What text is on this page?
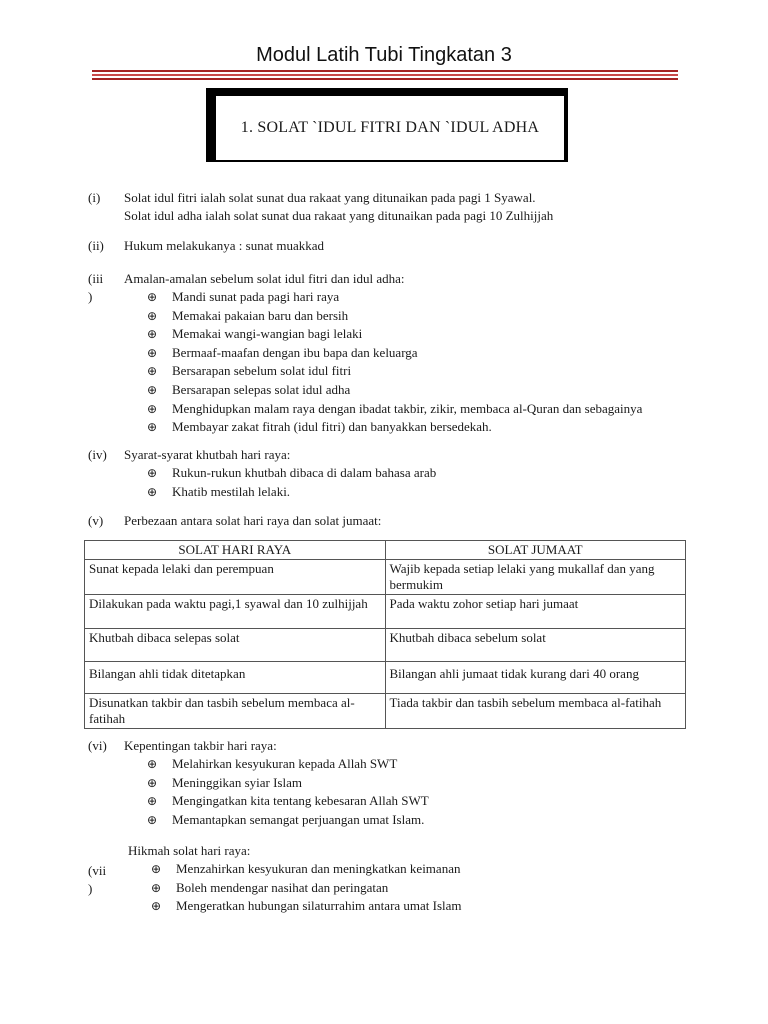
Modul Latih Tubi Tingkatan 3
1. SOLAT `IDUL FITRI DAN `IDUL ADHA
(i)	Solat idul fitri ialah solat sunat dua rakaat yang ditunaikan pada pagi 1 Syawal.
Solat idul adha ialah solat sunat dua rakaat yang ditunaikan pada pagi 10 Zulhijjah
(ii)	Hukum melakukanya : sunat muakkad
(iii
)
Amalan-amalan sebelum solat idul fitri dan idul adha:
⊕ Mandi sunat pada pagi hari raya
⊕ Memakai pakaian baru dan bersih
⊕ Memakai wangi-wangian bagi lelaki
⊕ Bermaaf-maafan dengan ibu bapa dan keluarga
⊕ Bersarapan sebelum solat idul fitri
⊕ Bersarapan selepas solat idul adha
⊕ Menghidupkan malam raya dengan ibadat takbir, zikir, membaca al-Quran dan sebagainya
⊕ Membayar zakat fitrah (idul fitri) dan banyakkan bersedekah.
(iv)	Syarat-syarat khutbah hari raya:
⊕ Rukun-rukun khutbah dibaca di dalam bahasa arab
⊕ Khatib mestilah lelaki.
(v)	Perbezaan antara solat hari raya dan solat jumaat:
SOLAT HARI RAYA	SOLAT JUMAAT
Sunat kepada lelaki dan perempuan	Wajib kepada setiap lelaki yang mukallaf dan yang bermukim
Dilakukan pada waktu pagi,1 syawal dan 10 zulhijjah	Pada waktu zohor setiap hari jumaat
Khutbah dibaca selepas solat	Khutbah dibaca sebelum solat
Bilangan ahli tidak ditetapkan	Bilangan ahli jumaat tidak kurang dari 40 orang
Disunatkan takbir dan tasbih sebelum membaca al-fatihah	Tiada takbir dan tasbih sebelum membaca al-fatihah
(vi)	Kepentingan takbir hari raya:
⊕ Melahirkan kesyukuran kepada Allah SWT
⊕ Meninggikan syiar Islam
⊕ Mengingatkan kita tentang kebesaran Allah SWT
⊕ Memantapkan semangat perjuangan umat Islam.
(vii
)
Hikmah solat hari raya:
⊕ Menzahirkan kesyukuran dan meningkatkan keimanan
⊕ Boleh mendengar nasihat dan peringatan
⊕ Mengeratkan hubungan silaturrahim antara umat Islam
